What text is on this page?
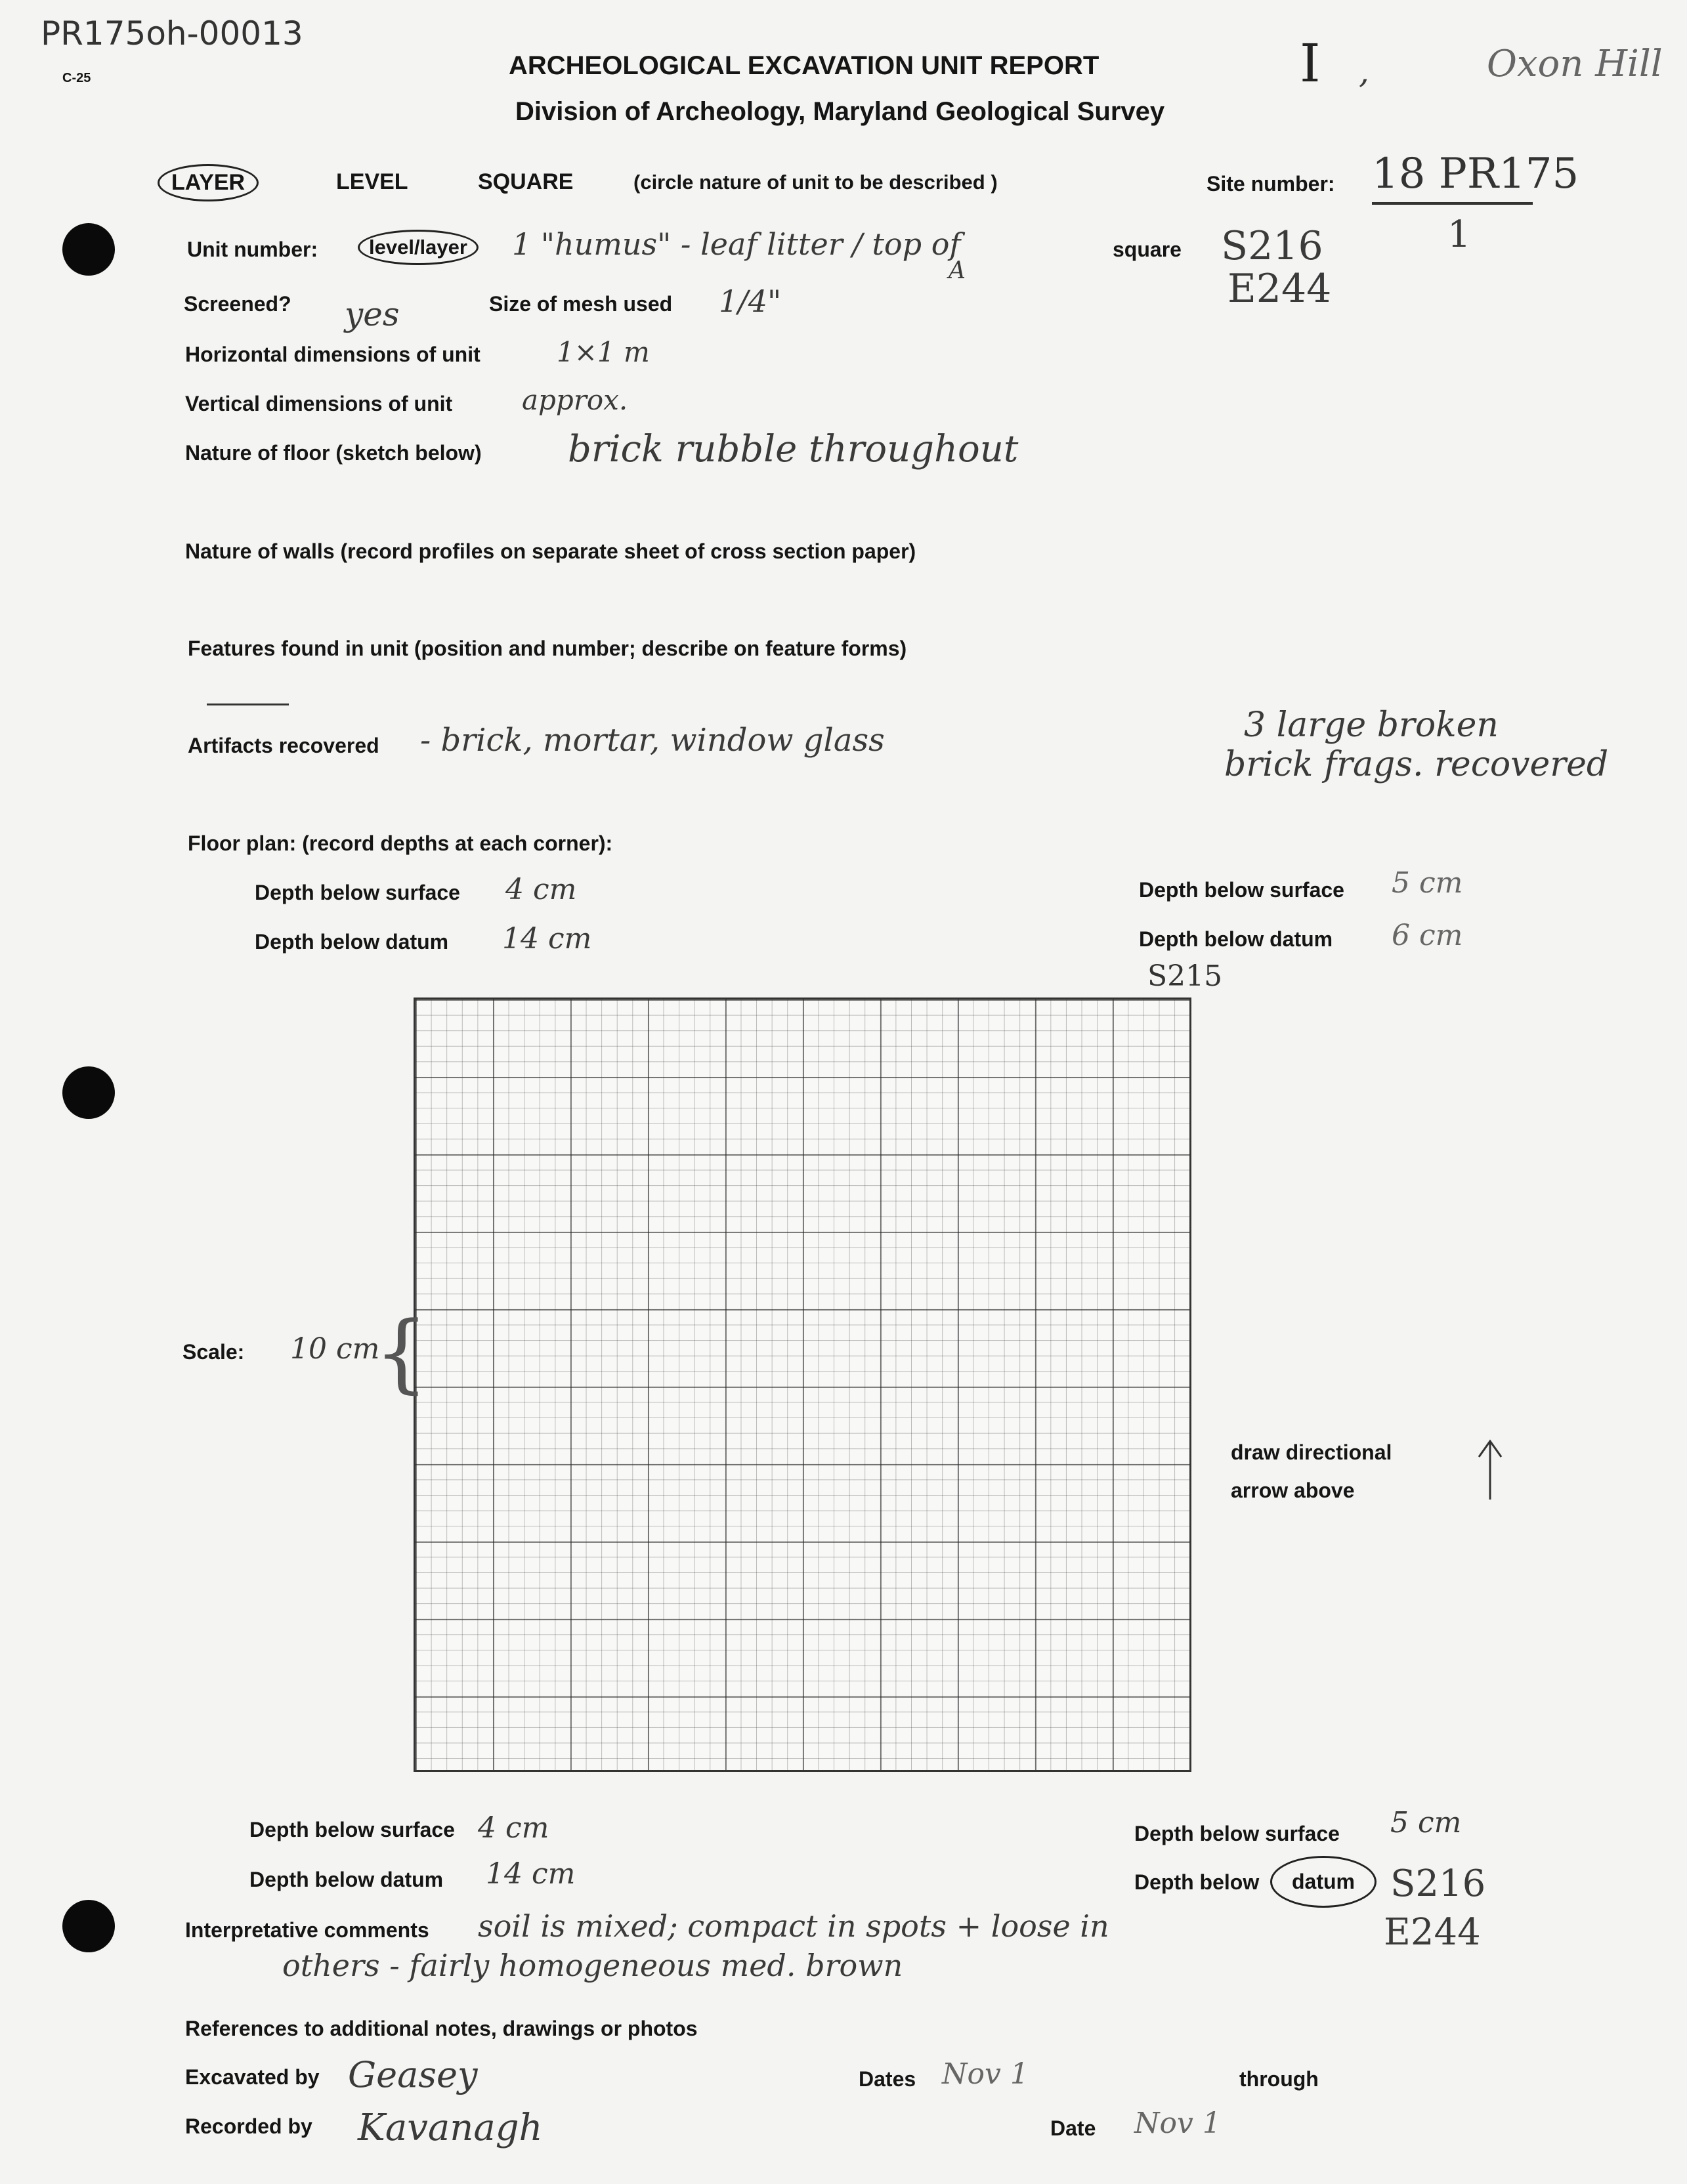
PR175oh-00013
C-25	ARCHEOLOGICAL EXCAVATION UNIT REPORT
Division of Archeology, Maryland Geological Survey
I ,	Oxon Hill
LAYER	LEVEL	SQUARE	(circle nature of unit to be described )	Site number: 18 PR175
1
Unit number:	level/layer	1 "humus" - leaf litter / top of
A
square S216
E244
Screened? yes	Size of mesh used 1/4"
Horizontal dimensions of unit	1×1 m
Vertical dimensions of unit	approx.
Nature of floor (sketch below) brick rubble throughout
Nature of walls (record profiles on separate sheet of cross section paper)
Features found in unit (position and number; describe on feature forms)
Artifacts recovered - brick, mortar, window glass	3 large broken
brick frags. recovered
Floor plan: (record depths at each corner):
Depth below surface 4 cm
Depth below datum 14 cm
Depth below surface 5 cm
Depth below datum 6 cm
S215
Scale: 10 cm
{
draw directional
arrow above
Depth below surface 4 cm
Depth below datum 14 cm
Depth below surface 5 cm
Depth below	datum S216
E244
Interpretative comments soil is mixed; compact in spots + loose in
others - fairly homogeneous med. brown
References to additional notes, drawings or photos
Excavated by Geasey	Dates Nov 1	through
Recorded by Kavanagh	Date Nov 1
